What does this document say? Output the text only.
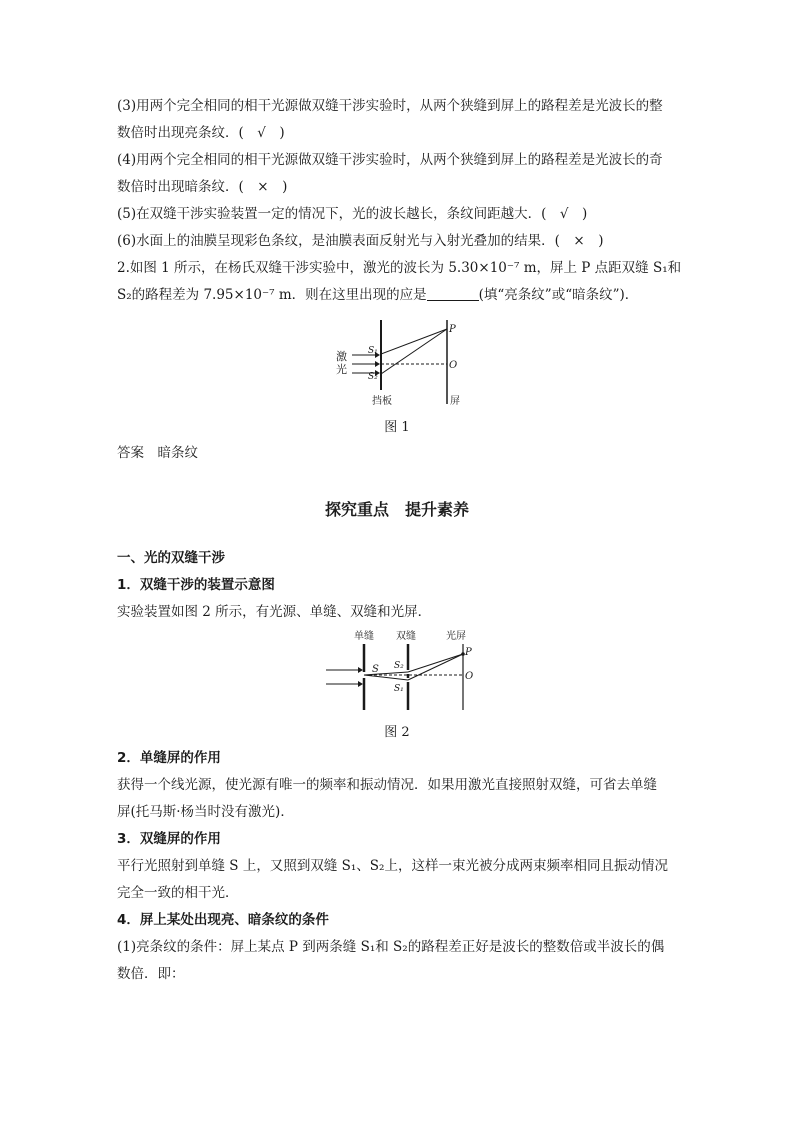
(3)用两个完全相同的相干光源做双缝干涉实验时，从两个狭缝到屏上的路程差是光波长的整
数倍时出现亮条纹．(　√　)
(4)用两个完全相同的相干光源做双缝干涉实验时，从两个狭缝到屏上的路程差是光波长的奇
数倍时出现暗条纹．(　×　)
(5)在双缝干涉实验装置一定的情况下，光的波长越长，条纹间距越大．(　√　)
(6)水面上的油膜呈现彩色条纹，是油膜表面反射光与入射光叠加的结果．(　×　)
2.如图 1 所示，在杨氏双缝干涉实验中，激光的波长为 5.30×10⁻⁷ m，屏上 P 点距双缝 S₁和
S₂的路程差为 7.95×10⁻⁷ m．则在这里出现的应是	(填“亮条纹”或“暗条纹”)．
激
光
S₁
S₂
P
O
挡板	屏
图 1
答案　 暗条纹
探究重点　提升素养
一、光的双缝干涉
1．双缝干涉的装置示意图
实验装置如图 2 所示，有光源、单缝、双缝和光屏．
单缝 双缝	光屏
S S₂
S₁
P
O
图 2
2．单缝屏的作用
获得一个线光源，使光源有唯一的频率和振动情况．如果用激光直接照射双缝，可省去单缝
屏(托马斯·杨当时没有激光)．
3．双缝屏的作用
平行光照射到单缝 S 上，又照到双缝 S₁、S₂上，这样一束光被分成两束频率相同且振动情况
完全一致的相干光．
4．屏上某处出现亮、暗条纹的条件
(1)亮条纹的条件：屏上某点 P 到两条缝 S₁和 S₂的路程差正好是波长的整数倍或半波长的偶
数倍．即：
